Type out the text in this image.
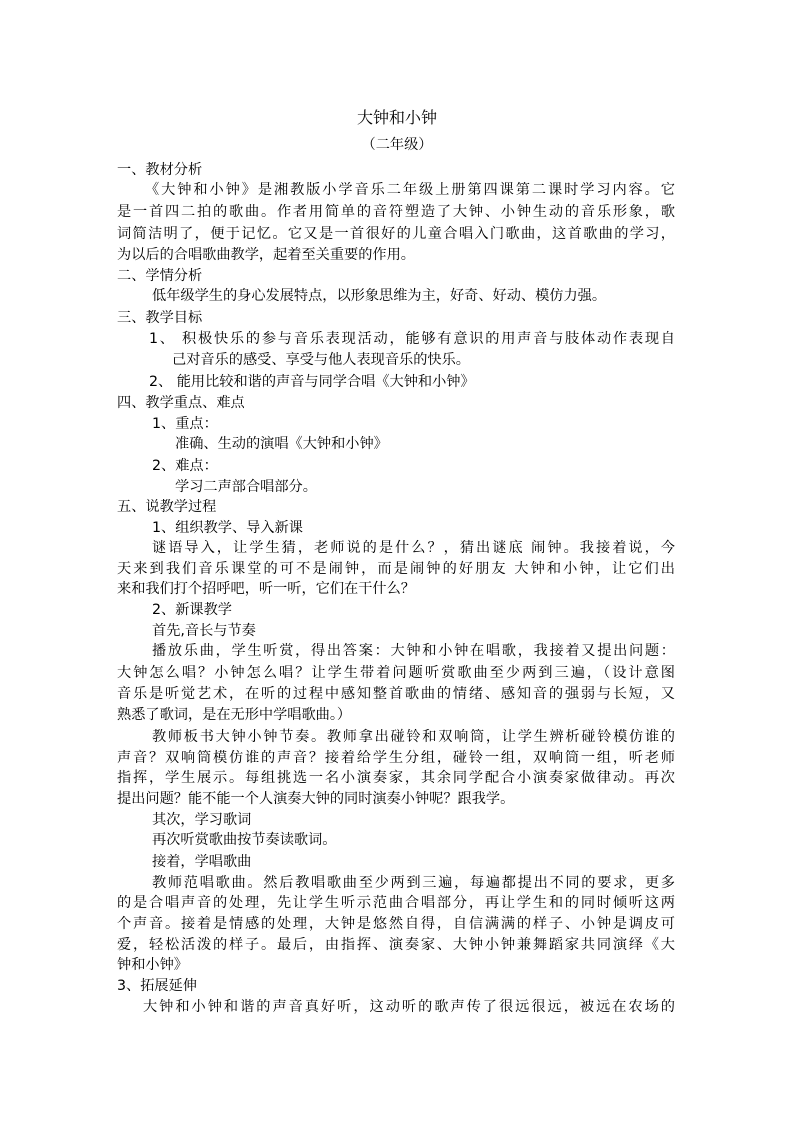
大钟和小钟

（二年级）

一、教材分析

《大钟和小钟》是湘教版小学音乐二年级上册第四课第二课时学习内容。它

是一首四二拍的歌曲。作者用简单的音符塑造了大钟、小钟生动的音乐形象，歌

词简洁明了，便于记忆。它又是一首很好的儿童合唱入门歌曲，这首歌曲的学习，

为以后的合唱歌曲教学，起着至关重要的作用。

二、学情分析

低年级学生的身心发展特点，以形象思维为主，好奇、好动、模仿力强。

三、教学目标

1、 积极快乐的参与音乐表现活动，能够有意识的用声音与肢体动作表现自

己对音乐的感受、享受与他人表现音乐的快乐。

2、 能用比较和谐的声音与同学合唱《大钟和小钟》

四、教学重点、难点

1、重点：

准确、生动的演唱《大钟和小钟》

2、难点：

学习二声部合唱部分。

五、说教学过程

1、组织教学、导入新课

谜语导入，让学生猜，老师说的是什么？，猜出谜底 闹钟。我接着说，今

天来到我们音乐课堂的可不是闹钟，而是闹钟的好朋友 大钟和小钟，让它们出

来和我们打个招呼吧，听一听，它们在干什么？

2、新课教学

首先,音长与节奏

播放乐曲，学生听赏，得出答案：大钟和小钟在唱歌，我接着又提出问题：

大钟怎么唱？小钟怎么唱？让学生带着问题听赏歌曲至少两到三遍，（设计意图

音乐是听觉艺术，在听的过程中感知整首歌曲的情绪、感知音的强弱与长短，又

熟悉了歌词，是在无形中学唱歌曲。）

教师板书大钟小钟节奏。教师拿出碰铃和双响筒，让学生辨析碰铃模仿谁的

声音？双响筒模仿谁的声音？接着给学生分组，碰铃一组，双响筒一组，听老师

指挥，学生展示。每组挑选一名小演奏家，其余同学配合小演奏家做律动。再次

提出问题？能不能一个人演奏大钟的同时演奏小钟呢？跟我学。

其次，学习歌词

再次听赏歌曲按节奏读歌词。

接着，学唱歌曲

教师范唱歌曲。然后教唱歌曲至少两到三遍，每遍都提出不同的要求，更多

的是合唱声音的处理，先让学生听示范曲合唱部分，再让学生和的同时倾听这两

个声音。接着是情感的处理，大钟是悠然自得，自信满满的样子、小钟是调皮可

爱，轻松活泼的样子。最后，由指挥、演奏家、大钟小钟兼舞蹈家共同演绎《大

钟和小钟》

3、拓展延伸

大钟和小钟和谐的声音真好听，这动听的歌声传了很远很远，被远在农场的
